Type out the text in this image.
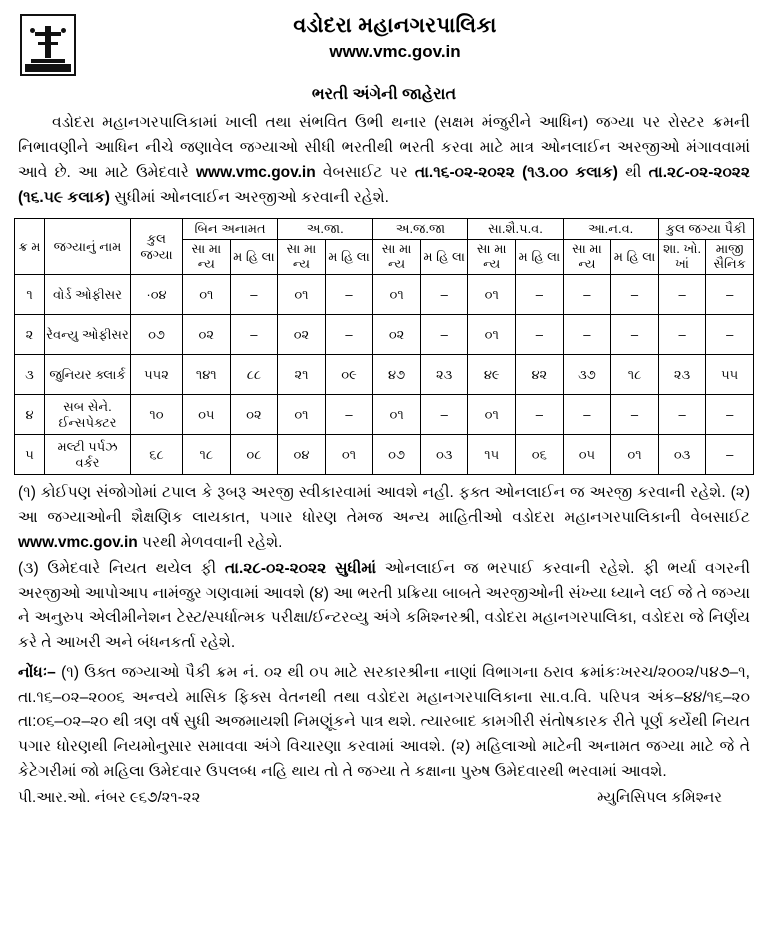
વડોદરા મહાનગરપાલિકા
www.vmc.gov.in
ભરતી અંગેની જાહેરાત
વડોદરા મહાનગરપાલિકામાં ખાલી તથા સંભવિત ઉભી થનાર (સક્ષમ મંજુરીને આધિન) જગ્યા પર રોસ્ટર ક્રમની નિભાવણીને આધિન નીચે જણાવેલ જગ્યાઓ સીધી ભરતીથી ભરતી કરવા માટે માત્ર ઓનલાઈન અરજીઓ મંગાવવામાં આવે છે. આ માટે ઉમેદવારે www.vmc.gov.in વેબસાઈટ પર તા.૧૬-૦૨-૨૦૨૨ (૧૩.૦૦ કલાક) થી તા.૨૮-૦૨-૨૦૨૨ (૧૬.૫૯ કલાક) સુધીમાં ઓનલાઈન અરજીઓ કરવાની રહેશે.
ક્ર મ	જગ્યાનું નામ	કુલ જગ્યા	બિન અનામત		અ.જા.		અ.જ.જા		સા.શૈ.પ.વ.		આ.ન.વ.		કુલ જગ્યા પૈકી	
			સા મા ન્ય	મ હિ લા	સા મા ન્ય	મ હિ લા	સા મા ન્ય	મ હિ લા	સા મા ન્ય	મ હિ લા	સા મા ન્ય	મ હિ લા	શા. ખો. ખાં	માજી સૈનિક
૧	વોર્ડ ઓફીસર	·૦૪	૦૧	–	૦૧	–	૦૧	–	૦૧	–	–	–	–	–
૨	રેવન્યુ ઓફીસર	૦૭	૦૨	–	૦૨	–	૦૨	–	૦૧	–	–	–	–	–
૩	જુનિયર ક્લાર્ક	૫૫૨	૧૪૧	૮૮	૨૧	૦૯	૪૭	૨૩	૪૯	૪૨	૩૭	૧૮	૨૩	૫૫
૪	સબ સેને. ઈન્સપેક્ટર	૧૦	૦૫	૦૨	૦૧	–	૦૧	–	૦૧	–	–	–	–	–
૫	મલ્ટી પર્પઝ વર્કર	૬૮	૧૮	૦૮	૦૪	૦૧	૦૭	૦૩	૧૫	૦૬	૦૫	૦૧	૦૩	–
(૧) કોઈપણ સંજોગોમાં ટપાલ કે રૂબરૂ અરજી સ્વીકારવામાં આવશે નહી. ફક્ત ઓનલાઈન જ અરજી કરવાની રહેશે. (૨) આ જગ્યાઓની શૈક્ષણિક લાયકાત, પગાર ધોરણ તેમજ અન્ય માહિતીઓ વડોદરા મહાનગરપાલિકાની વેબસાઈટ www.vmc.gov.in પરથી મેળવવાની રહેશે.
(૩) ઉમેદવારે નિયત થયેલ ફી તા.૨૮-૦૨-૨૦૨૨ સુધીમાં ઓનલાઈન જ ભરપાઈ કરવાની રહેશે. ફી ભર્યા વગરની અરજીઓ આપોઆપ નામંજુર ગણવામાં આવશે (૪) આ ભરતી પ્રક્રિયા બાબતે અરજીઓની સંખ્યા ધ્યાને લઈ જે તે જગ્યા ને અનુરુપ એલીમીનેશન ટેસ્ટ/સ્પર્ધાત્મક પરીક્ષા/ઈન્ટરવ્યુ અંગે કમિશ્નરશ્રી, વડોદરા મહાનગરપાલિકા, વડોદરા જે નિર્ણય કરે તે આખરી અને બંધનકર્તા રહેશે.
નોંધઃ– (૧) ઉક્ત જગ્યાઓ પૈકી ક્રમ નં. ૦૨ થી ૦૫ માટે સરકારશ્રીના નાણાં વિભાગના ઠરાવ ક્રમાંકઃખરચ/૨૦૦૨/૫૪૭–૧, તા.૧૬–૦૨–૨૦૦૬ અન્વયે માસિક ફિક્સ વેતનથી તથા વડોદરા મહાનગરપાલિકાના સા.વ.વિ. પરિપત્ર અંક–૪૪/૧૬–૨૦ તા:૦૬–૦૨–૨૦ થી ત્રણ વર્ષ સુધી અજમાયશી નિમણૂંકને પાત્ર થશે. ત્યારબાદ કામગીરી સંતોષકારક રીતે પૂર્ણ કર્યેથી નિયત પગાર ધોરણથી નિયમોનુસાર સમાવવા અંગે વિચારણા કરવામાં આવશે. (૨) મહિલાઓ માટેની અનામત જગ્યા માટે જે તે કેટેગરીમાં જો મહિલા ઉમેદવાર ઉપલબ્ધ નહિ થાય તો તે જગ્યા તે કક્ષાના પુરુષ ઉમેદવારથી ભરવામાં આવશે.
પી.આર.ઓ. નંબર ૯૬૭/૨૧-૨૨	મ્યુનિસિપલ કમિશ્નર
